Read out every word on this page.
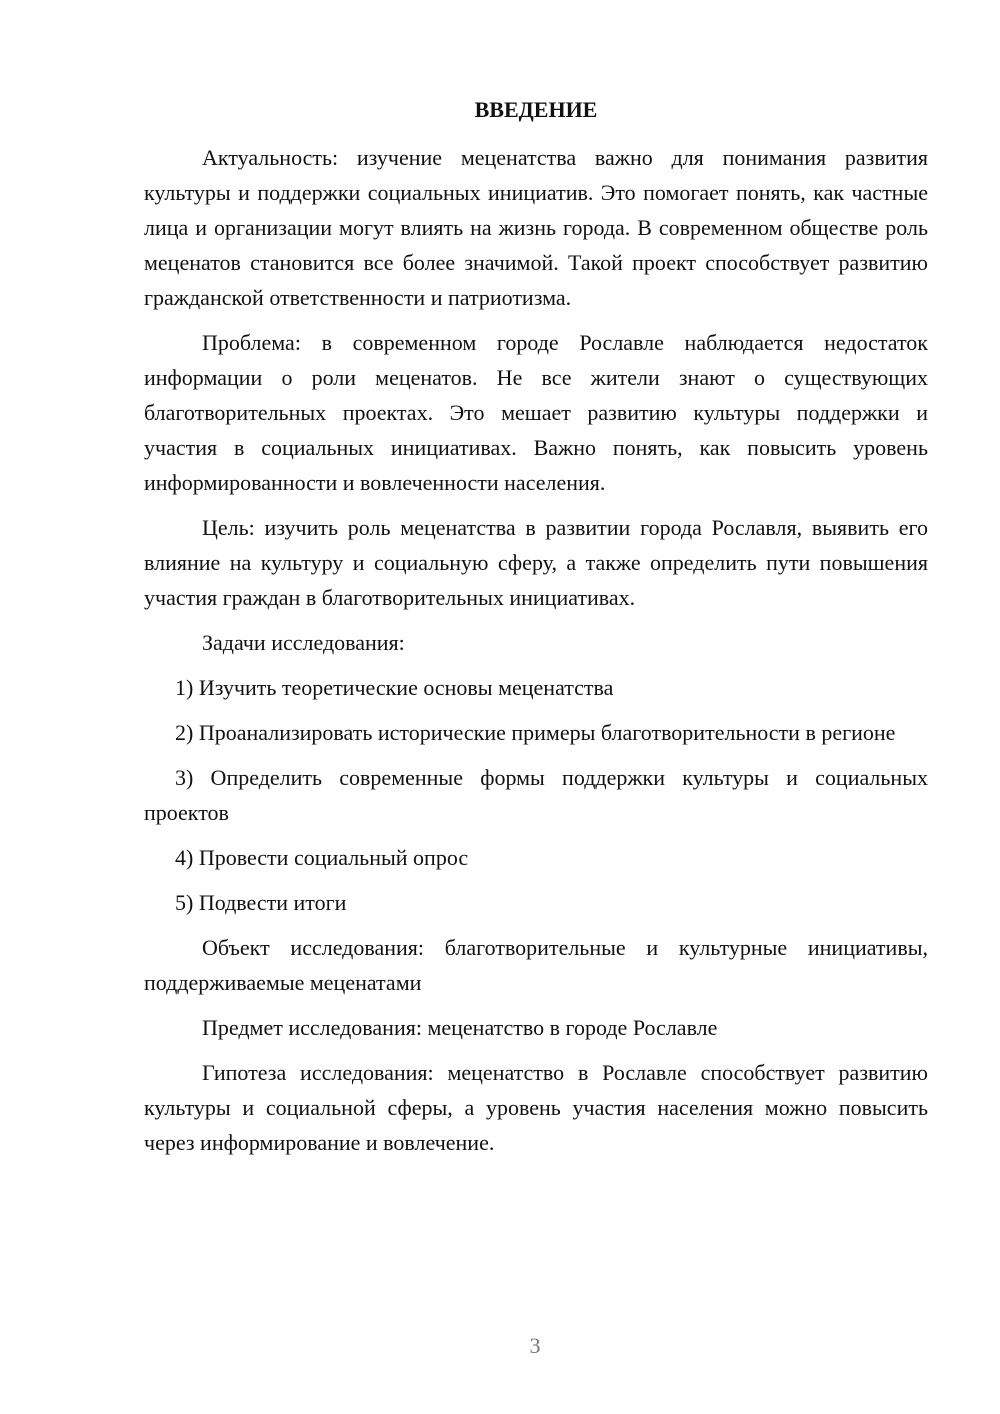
ВВЕДЕНИЕ

Актуальность: изучение меценатства важно для понимания развития культуры и поддержки социальных инициатив. Это помогает понять, как частные лица и организации могут влиять на жизнь города. В современном обществе роль меценатов становится все более значимой. Такой проект способствует развитию гражданской ответственности и патриотизма.

Проблема: в современном городе Рославле наблюдается недостаток информации о роли меценатов. Не все жители знают о существующих благотворительных проектах. Это мешает развитию культуры поддержки и участия в социальных инициативах. Важно понять, как повысить уровень информированности и вовлеченности населения.

Цель: изучить роль меценатства в развитии города Рославля, выявить его влияние на культуру и социальную сферу, а также определить пути повышения участия граждан в благотворительных инициативах.

Задачи исследования:

1) Изучить теоретические основы меценатства

2) Проанализировать исторические примеры благотворительности в регионе

3) Определить современные формы поддержки культуры и социальных проектов

4) Провести социальный опрос

5) Подвести итоги

Объект исследования: благотворительные и культурные инициативы, поддерживаемые меценатами

Предмет исследования: меценатство в городе Рославле

Гипотеза исследования: меценатство в Рославле способствует развитию культуры и социальной сферы, а уровень участия населения можно повысить через информирование и вовлечение.

3
